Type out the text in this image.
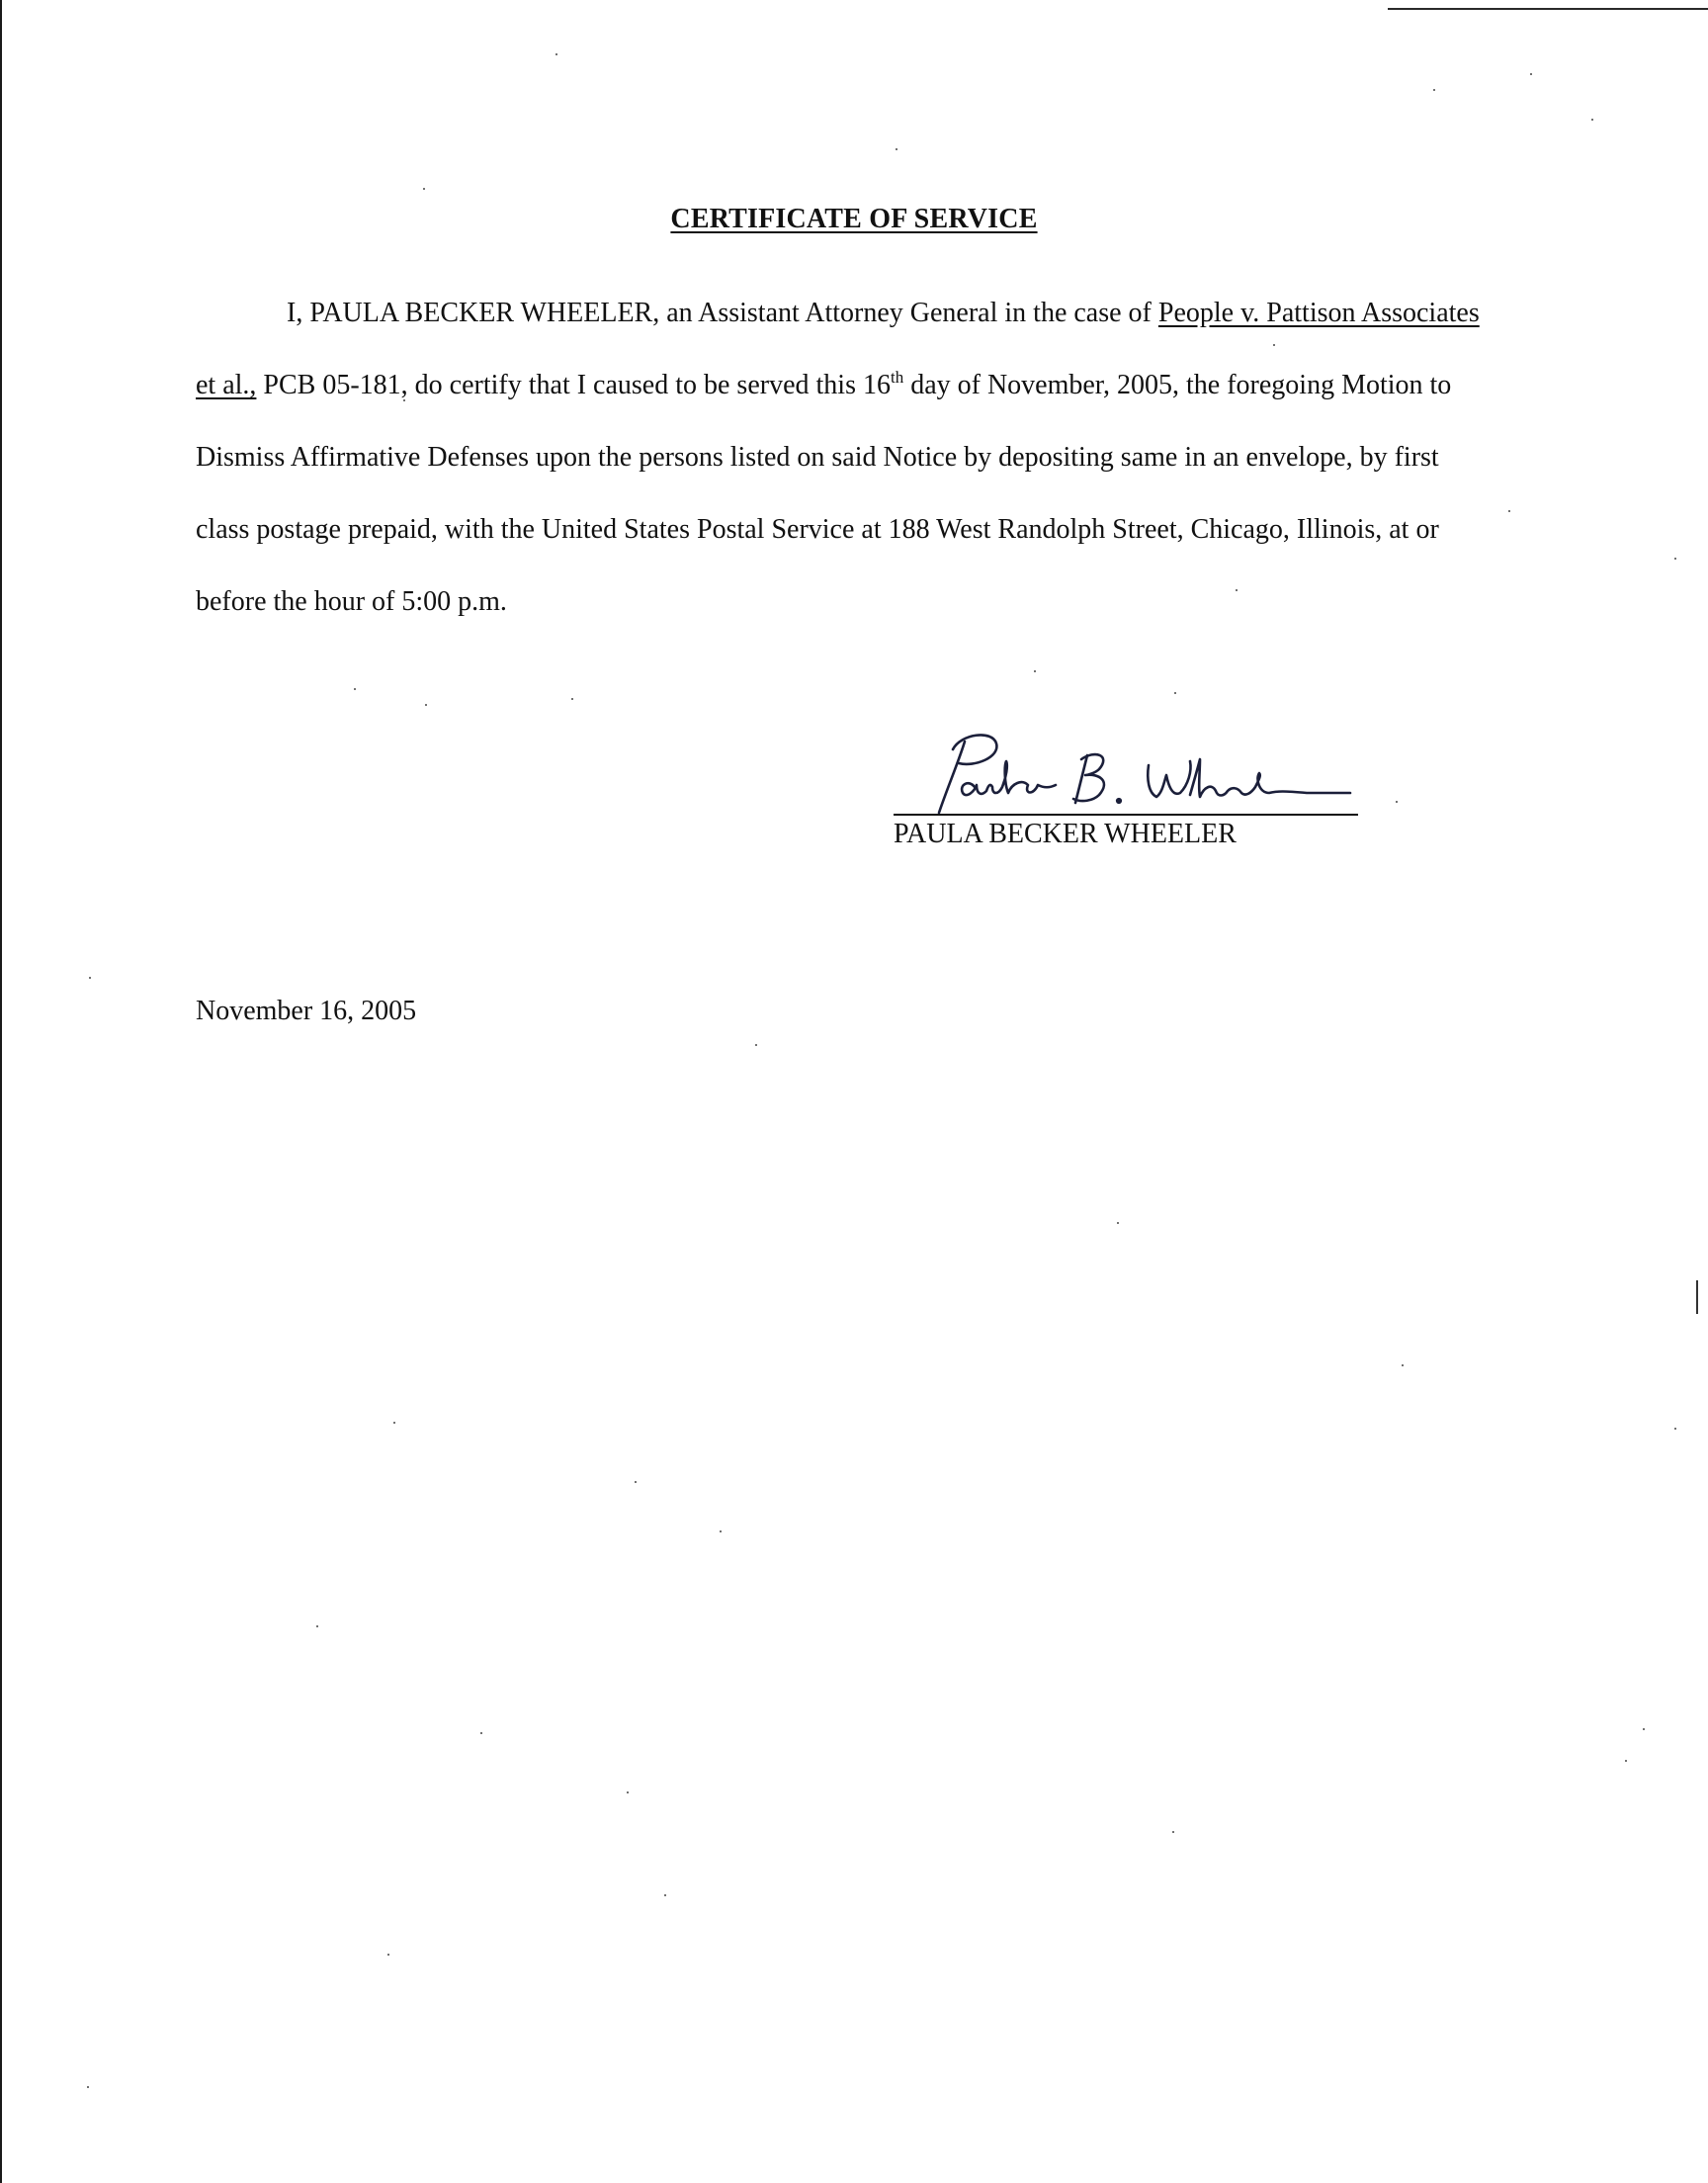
CERTIFICATE OF SERVICE

I, PAULA BECKER WHEELER, an Assistant Attorney General in the case of People v. Pattison Associates et al., PCB 05-181, do certify that I caused to be served this 16th day of November, 2005, the foregoing Motion to Dismiss Affirmative Defenses upon the persons listed on said Notice by depositing same in an envelope, by first class postage prepaid, with the United States Postal Service at 188 West Randolph Street, Chicago, Illinois, at or before the hour of 5:00 p.m.

PAULA BECKER WHEELER
November 16, 2005
